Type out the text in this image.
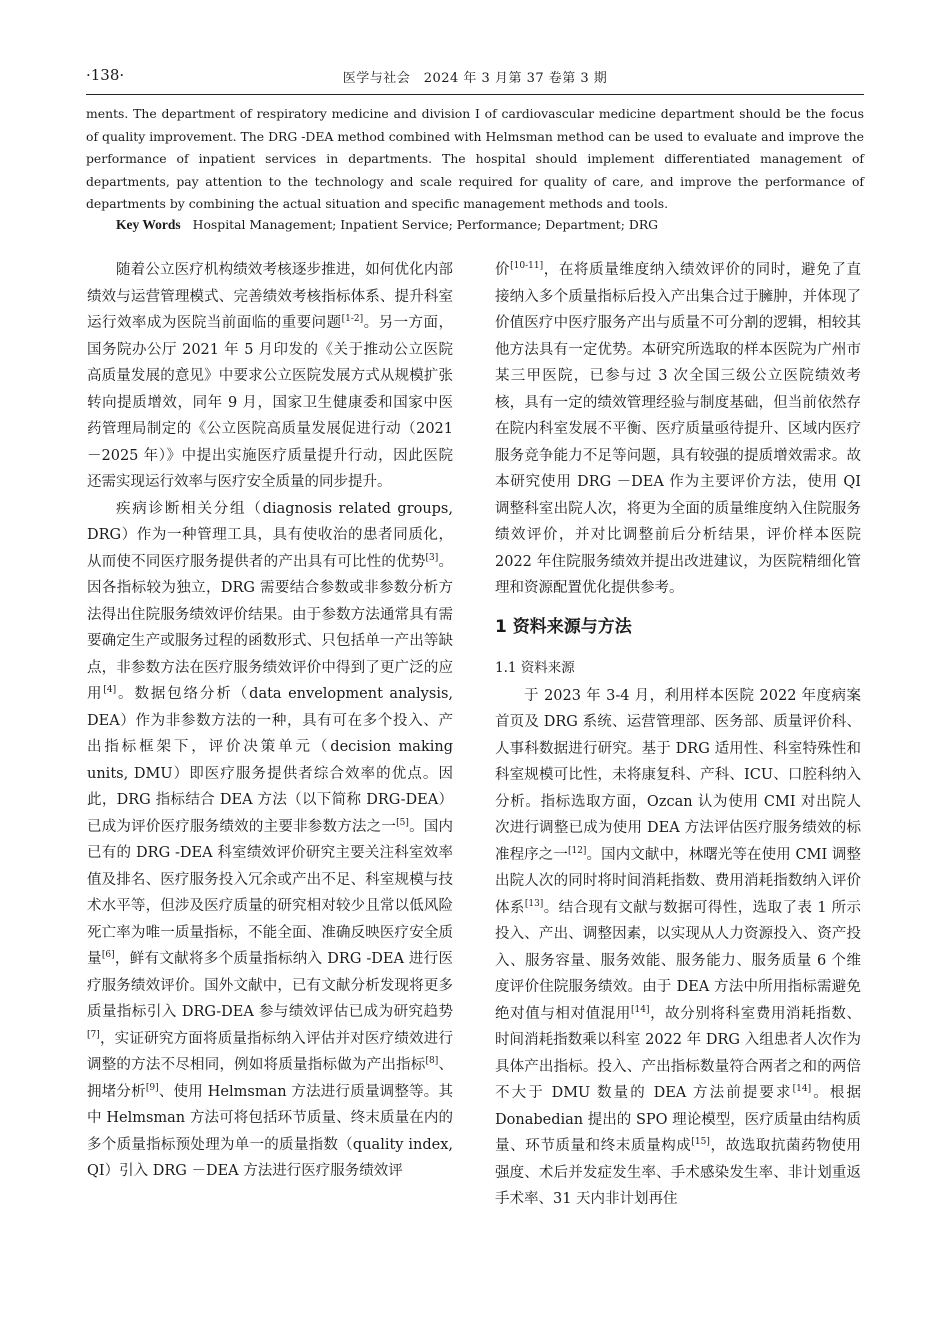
·138·	医学与社会　2024 年 3 月第 37 卷第 3 期
ments. The department of respiratory medicine and division I of cardiovascular medicine department should be the focus of quality improvement. The DRG -DEA method combined with Helmsman method can be used to evaluate and improve the performance of inpatient services in departments. The hospital should implement differentiated management of departments, pay attention to the technology and scale required for quality of care, and improve the performance of departments by combining the actual situation and specific management methods and tools.
Key Words Hospital Management; Inpatient Service; Performance; Department; DRG

随着公立医疗机构绩效考核逐步推进，如何优化内部绩效与运营管理模式、完善绩效考核指标体系、提升科室运行效率成为医院当前面临的重要问题[1-2]。另一方面，国务院办公厅 2021 年 5 月印发的《关于推动公立医院高质量发展的意见》中要求公立医院发展方式从规模扩张转向提质增效，同年 9 月，国家卫生健康委和国家中医药管理局制定的《公立医院高质量发展促进行动（2021－2025 年）》中提出实施医疗质量提升行动，因此医院还需实现运行效率与医疗安全质量的同步提升。

疾病诊断相关分组（diagnosis related groups, DRG）作为一种管理工具，具有使收治的患者同质化，从而使不同医疗服务提供者的产出具有可比性的优势[3]。因各指标较为独立，DRG 需要结合参数或非参数分析方法得出住院服务绩效评价结果。由于参数方法通常具有需要确定生产或服务过程的函数形式、只包括单一产出等缺点，非参数方法在医疗服务绩效评价中得到了更广泛的应用[4]。数据包络分析（data envelopment analysis, DEA）作为非参数方法的一种，具有可在多个投入、产出指标框架下，评价决策单元（decision making units, DMU）即医疗服务提供者综合效率的优点。因此，DRG 指标结合 DEA 方法（以下简称 DRG-DEA）已成为评价医疗服务绩效的主要非参数方法之一[5]。国内已有的 DRG -DEA 科室绩效评价研究主要关注科室效率值及排名、医疗服务投入冗余或产出不足、科室规模与技术水平等，但涉及医疗质量的研究相对较少且常以低风险死亡率为唯一质量指标，不能全面、准确反映医疗安全质量[6]，鲜有文献将多个质量指标纳入 DRG -DEA 进行医疗服务绩效评价。国外文献中，已有文献分析发现将更多质量指标引入 DRG-DEA 参与绩效评估已成为研究趋势[7]，实证研究方面将质量指标纳入评估并对医疗绩效进行调整的方法不尽相同，例如将质量指标做为产出指标[8]、拥堵分析[9]、使用 Helmsman 方法进行质量调整等。其中 Helmsman 方法可将包括环节质量、终末质量在内的多个质量指标预处理为单一的质量指数（quality index, QI）引入 DRG －DEA 方法进行医疗服务绩效评

价[10-11]，在将质量维度纳入绩效评价的同时，避免了直接纳入多个质量指标后投入产出集合过于臃肿，并体现了价值医疗中医疗服务产出与质量不可分割的逻辑，相较其他方法具有一定优势。本研究所选取的样本医院为广州市某三甲医院，已参与过 3 次全国三级公立医院绩效考核，具有一定的绩效管理经验与制度基础，但当前依然存在院内科室发展不平衡、医疗质量亟待提升、区域内医疗服务竞争能力不足等问题，具有较强的提质增效需求。故本研究使用 DRG －DEA 作为主要评价方法，使用 QI 调整科室出院人次，将更为全面的质量维度纳入住院服务绩效评价，并对比调整前后分析结果，评价样本医院 2022 年住院服务绩效并提出改进建议，为医院精细化管理和资源配置优化提供参考。

1 资料来源与方法
1.1 资料来源

于 2023 年 3-4 月，利用样本医院 2022 年度病案首页及 DRG 系统、运营管理部、医务部、质量评价科、人事科数据进行研究。基于 DRG 适用性、科室特殊性和科室规模可比性，未将康复科、产科、ICU、口腔科纳入分析。指标选取方面，Ozcan 认为使用 CMI 对出院人次进行调整已成为使用 DEA 方法评估医疗服务绩效的标准程序之一[12]。国内文献中，林曙光等在使用 CMI 调整出院人次的同时将时间消耗指数、费用消耗指数纳入评价体系[13]。结合现有文献与数据可得性，选取了表 1 所示投入、产出、调整因素，以实现从人力资源投入、资产投入、服务容量、服务效能、服务能力、服务质量 6 个维度评价住院服务绩效。由于 DEA 方法中所用指标需避免绝对值与相对值混用[14]，故分别将科室费用消耗指数、时间消耗指数乘以科室 2022 年 DRG 入组患者人次作为具体产出指标。投入、产出指标数量符合两者之和的两倍不大于 DMU 数量的 DEA 方法前提要求[14]。根据 Donabedian 提出的 SPO 理论模型，医疗质量由结构质量、环节质量和终末质量构成[15]，故选取抗菌药物使用强度、术后并发症发生率、手术感染发生率、非计划重返手术率、31 天内非计划再住
